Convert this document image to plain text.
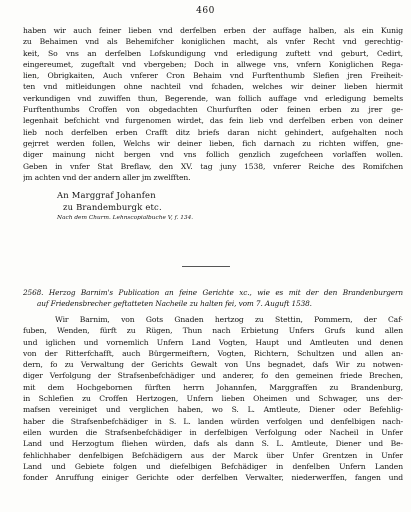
460
haben wir auch feiner lieben vnd derfelben erben der auffage halben, als ein Kunig
zu Behaimen vnd als Behemifcher koniglichen macht, als vnfer Recht vnd gerechtig-
keit, So vns an derfelben Lofskundigung vnd erledigung zuftett vnd geburt, Cedirt,
eingereumet, zugeftalt vnd vbergeben; Doch in allwege vns, vnfern Koniglichen Rega-
lien, Obrigkaiten, Auch vnferer Cron Behaim vnd Furftenthumb Slefien jren Freiheit-
ten vnd mitleidungen ohne nachteil vnd fchaden, welches wir deiner lieben hiermit
verkundigen vnd zuwiffen thun, Begerende, wan follich auffage vnd erledigung bemelts
Furftenthumbs Croffen von obgedachten Churfurften oder feinen erben zu jrer ge-
legenhait befchicht vnd furgenomen wirdet, das fein lieb vnd derfelben erben von deiner
lieb noch derfelben erben Crafft ditz briefs daran nicht gehindert, aufgehalten noch
gejrret werden follen, Welchs wir deiner lieben, fich darnach zu richten wiffen, gne-
diger mainung nicht bergen vnd vns follich genzlich zugefcheen vorlaffen wollen.
Geben in vnfer Stat Breflaw, den XV. tag juny 1538, vnferer Reiche des Romifchen
jm achten vnd der andern aller jm zwelfften.
An Marggraf Johanfen
zu Brandemburgk etc.
Nach dem Churm. Lehnscopialbuche V, f. 134.
2568. Herzog Barnim's Publication an feine Gerichte xc., wie es mit der den Brandenburgern
auf Friedensbrecher geftatteten Nacheile zu halten fei, vom 7. Auguft 1538.
Wir Barnim, von Gots Gnaden hertzog zu Stettin, Pommern, der Caf-
fuben, Wenden, fürft zu Rügen, Thun nach Erbietung Unfers Grufs kund allen
und iglichen und vornemlich Unfern Land Vogten, Haupt und Amtleuten und denen
von der Ritterfchafft, auch Bürgermeiftern, Vogten, Richtern, Schultzen und allen an-
dern, fo zu Verwaltung der Gerichts Gewalt von Uns begnadet, dafs Wir zu notwen-
diger Verfolgung der Strafsenbefchädiger und anderer, fo den gemeinen friede Brechen,
mit dem Hochgebornen fürften herrn Johannfen, Marggraffen zu Brandenburg,
in Schlefien zu Croffen Hertzogen, Unfern lieben Oheimen und Schwager, uns der-
mafsen vereiniget und verglichen haben, wo S. L. Amtleute, Diener oder Befehlig-
haber die Strafsenbefchädiger in S. L. landen würden verfolgen und denfelbigen nach-
eilen wurden die Strafsenbefchädiger in derfelbigen Verfolgung oder Nacheil in Unfer
Land und Herzogtum fliehen würden, dafs als dann S. L. Amtleute, Diener und Be-
fehlichhaber denfelbigen Befchädigern aus der Marck über Unfer Grentzen in Unfer
Land und Gebiete folgen und diefelbigen Befchädiger in denfelben Unfern Landen
fonder Anruffung einiger Gerichte oder derfelben Verwalter, niederwerffen, fangen und
